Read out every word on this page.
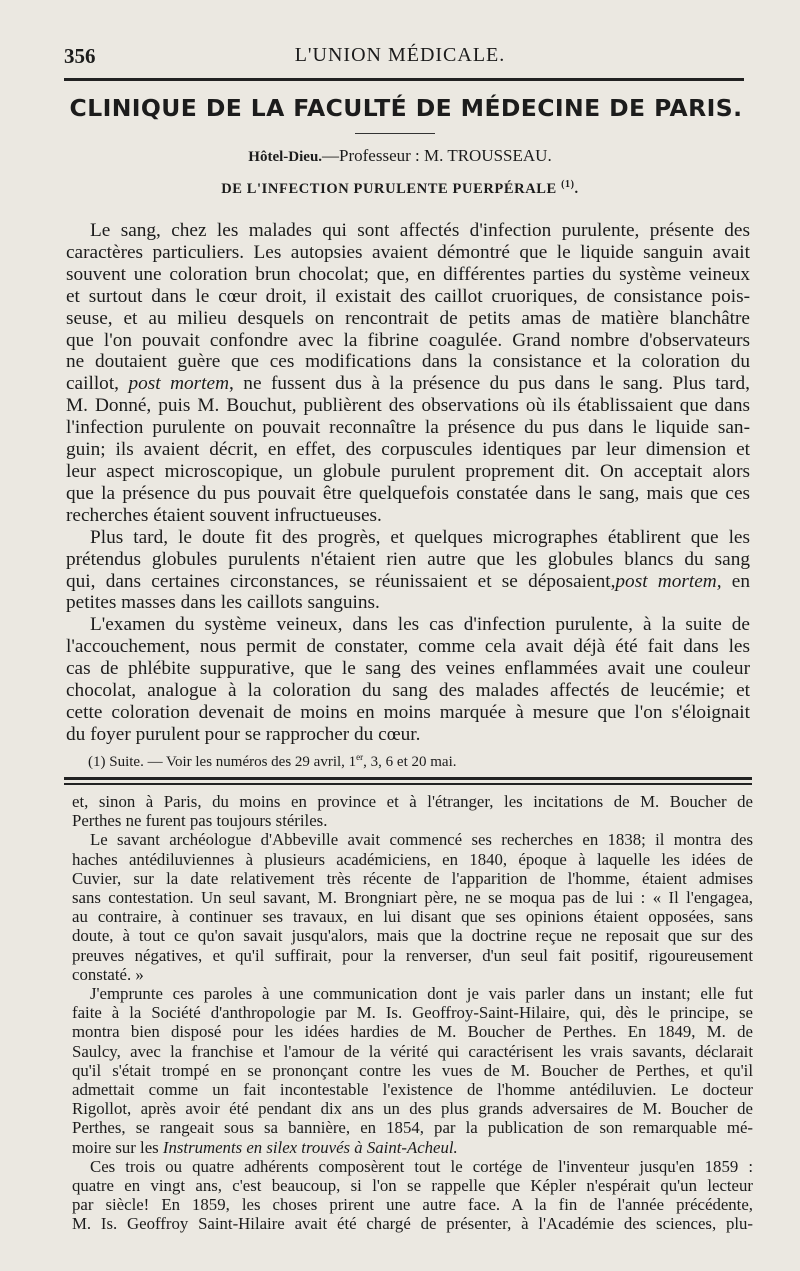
356	L'UNION MÉDICALE.
CLINIQUE DE LA FACULTÉ DE MÉDECINE DE PARIS.
Hôtel-Dieu.—Professeur : M. TROUSSEAU.
DE L'INFECTION PURULENTE PUERPÉRALE $^{(1)}$.

Le sang, chez les malades qui sont affectés d'infection purulente, présente des
caractères particuliers. Les autopsies avaient démontré que le liquide sanguin avait
souvent une coloration brun chocolat; que, en différentes parties du système veineux
et surtout dans le cœur droit, il existait des caillot cruoriques, de consistance pois-
seuse, et au milieu desquels on rencontrait de petits amas de matière blanchâtre
que l'on pouvait confondre avec la fibrine coagulée. Grand nombre d'observateurs
ne doutaient guère que ces modifications dans la consistance et la coloration du
caillot, post mortem, ne fussent dus à la présence du pus dans le sang. Plus tard,
M. Donné, puis M. Bouchut, publièrent des observations où ils établissaient que dans
l'infection purulente on pouvait reconnaître la présence du pus dans le liquide san-
guin; ils avaient décrit, en effet, des corpuscules identiques par leur dimension et
leur aspect microscopique, un globule purulent proprement dit. On acceptait alors
que la présence du pus pouvait être quelquefois constatée dans le sang, mais que ces
recherches étaient souvent infructueuses.

Plus tard, le doute fit des progrès, et quelques micrographes établirent que les
prétendus globules purulents n'étaient rien autre que les globules blancs du sang
qui, dans certaines circonstances, se réunissaient et se déposaient,post mortem, en
petites masses dans les caillots sanguins.

L'examen du système veineux, dans les cas d'infection purulente, à la suite de
l'accouchement, nous permit de constater, comme cela avait déjà été fait dans les
cas de phlébite suppurative, que le sang des veines enflammées avait une couleur
chocolat, analogue à la coloration du sang des malades affectés de leucémie; et
cette coloration devenait de moins en moins marquée à mesure que l'on s'éloignait
du foyer purulent pour se rapprocher du cœur.

(1) Suite. — Voir les numéros des 29 avril, 1er, 3, 6 et 20 mai.

et, sinon à Paris, du moins en province et à l'étranger, les incitations de M. Boucher de
Perthes ne furent pas toujours stériles.

Le savant archéologue d'Abbeville avait commencé ses recherches en 1838; il montra des
haches antédiluviennes à plusieurs académiciens, en 1840, époque à laquelle les idées de
Cuvier, sur la date relativement très récente de l'apparition de l'homme, étaient admises
sans contestation. Un seul savant, M. Brongniart père, ne se moqua pas de lui : « Il l'engagea,
au contraire, à continuer ses travaux, en lui disant que ses opinions étaient opposées, sans
doute, à tout ce qu'on savait jusqu'alors, mais que la doctrine reçue ne reposait que sur des
preuves négatives, et qu'il suffirait, pour la renverser, d'un seul fait positif, rigoureusement
constaté. »

J'emprunte ces paroles à une communication dont je vais parler dans un instant; elle fut
faite à la Société d'anthropologie par M. Is. Geoffroy-Saint-Hilaire, qui, dès le principe, se
montra bien disposé pour les idées hardies de M. Boucher de Perthes. En 1849, M. de
Saulcy, avec la franchise et l'amour de la vérité qui caractérisent les vrais savants, déclarait
qu'il s'était trompé en se prononçant contre les vues de M. Boucher de Perthes, et qu'il
admettait comme un fait incontestable l'existence de l'homme antédiluvien. Le docteur
Rigollot, après avoir été pendant dix ans un des plus grands adversaires de M. Boucher de
Perthes, se rangeait sous sa bannière, en 1854, par la publication de son remarquable mé-
moire sur les Instruments en silex trouvés à Saint-Acheul.

Ces trois ou quatre adhérents composèrent tout le cortége de l'inventeur jusqu'en 1859 :
quatre en vingt ans, c'est beaucoup, si l'on se rappelle que Képler n'espérait qu'un lecteur
par siècle! En 1859, les choses prirent une autre face. A la fin de l'année précédente,
M. Is. Geoffroy Saint-Hilaire avait été chargé de présenter, à l'Académie des sciences, plu-
